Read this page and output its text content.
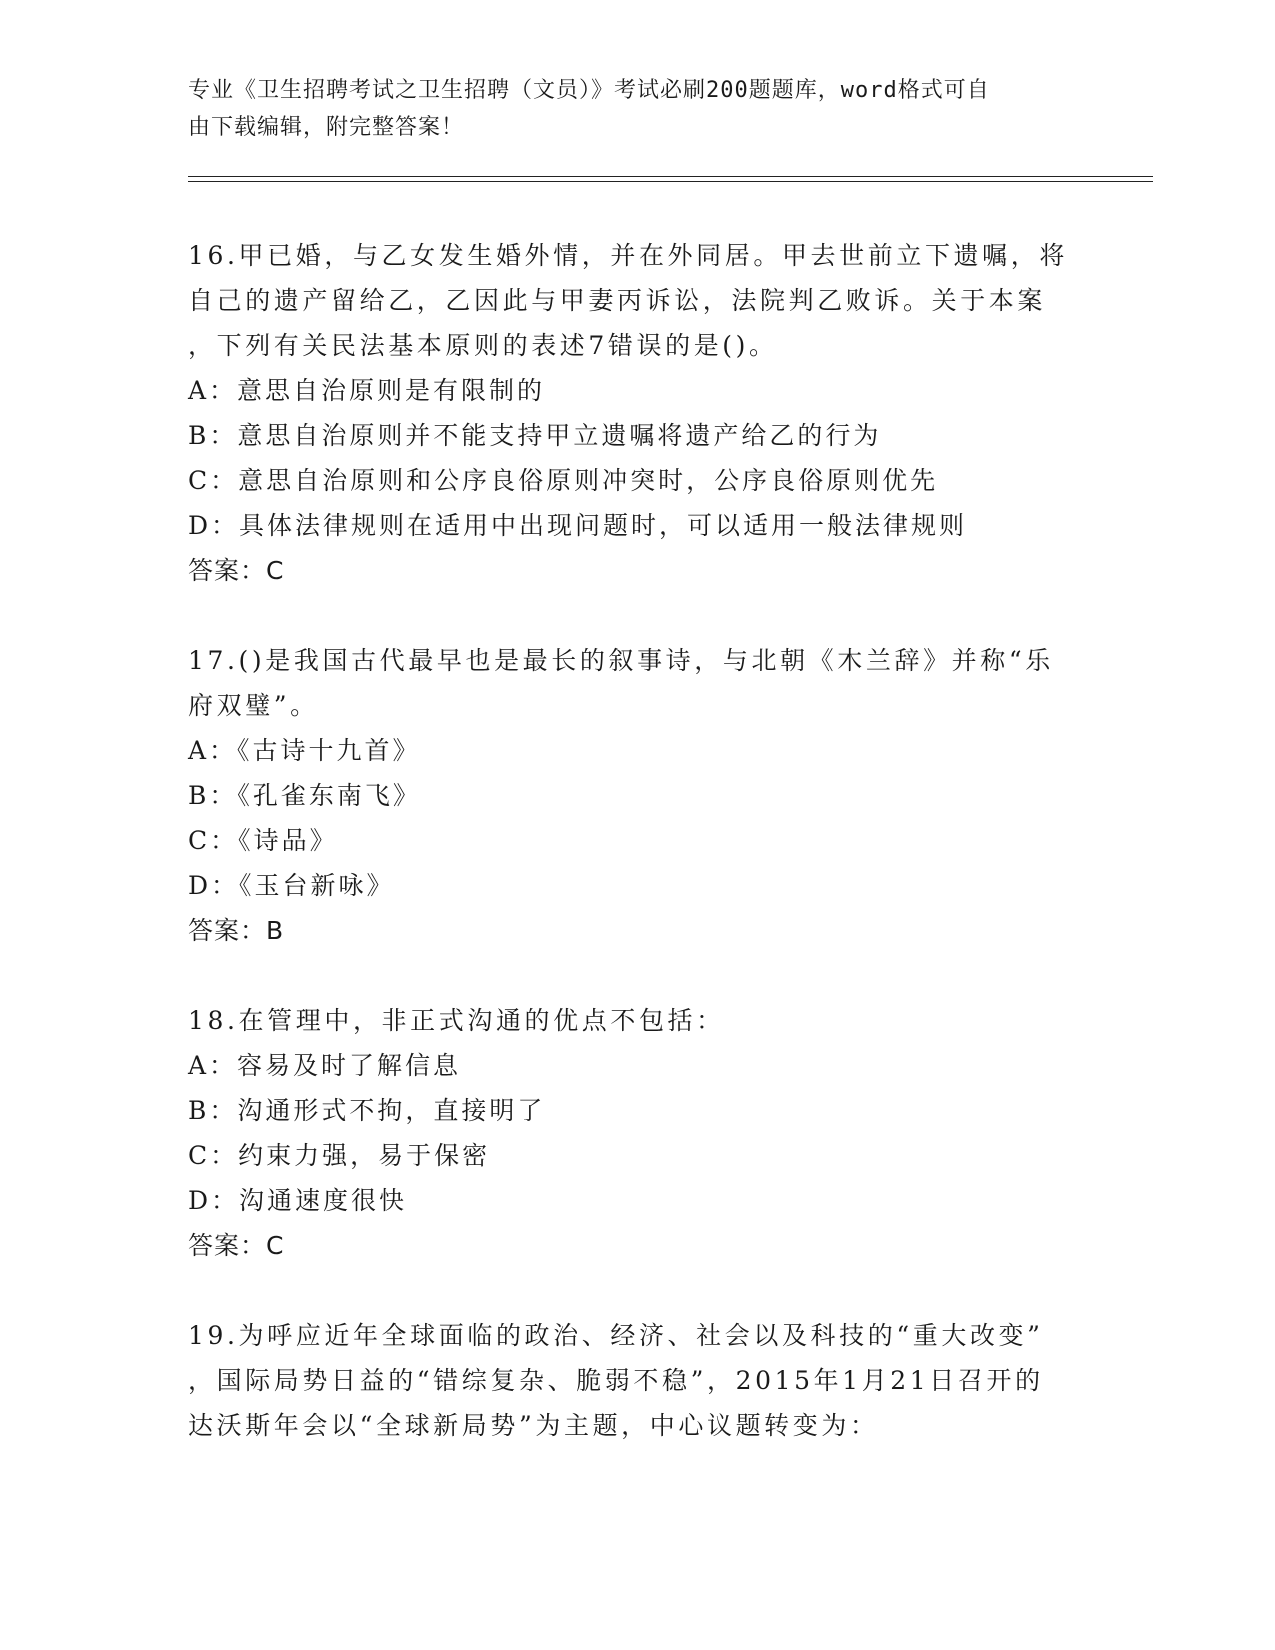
专业《卫生招聘考试之卫生招聘（文员）》考试必刷200题题库，word格式可自
由下载编辑，附完整答案！
16.甲已婚，与乙女发生婚外情，并在外同居。甲去世前立下遗嘱，将
自己的遗产留给乙，乙因此与甲妻丙诉讼，法院判乙败诉。关于本案
，下列有关民法基本原则的表述7错误的是()。
A：意思自治原则是有限制的
B：意思自治原则并不能支持甲立遗嘱将遗产给乙的行为
C：意思自治原则和公序良俗原则冲突时，公序良俗原则优先
D：具体法律规则在适用中出现问题时，可以适用一般法律规则
答案：C
17.()是我国古代最早也是最长的叙事诗，与北朝《木兰辞》并称“乐
府双璧”。
A：《古诗十九首》
B：《孔雀东南飞》
C：《诗品》
D：《玉台新咏》
答案：B
18.在管理中，非正式沟通的优点不包括：
A：容易及时了解信息
B：沟通形式不拘，直接明了
C：约束力强，易于保密
D：沟通速度很快
答案：C
19.为呼应近年全球面临的政治、经济、社会以及科技的“重大改变”
，国际局势日益的“错综复杂、脆弱不稳”，2015年1月21日召开的
达沃斯年会以“全球新局势”为主题，中心议题转变为：
